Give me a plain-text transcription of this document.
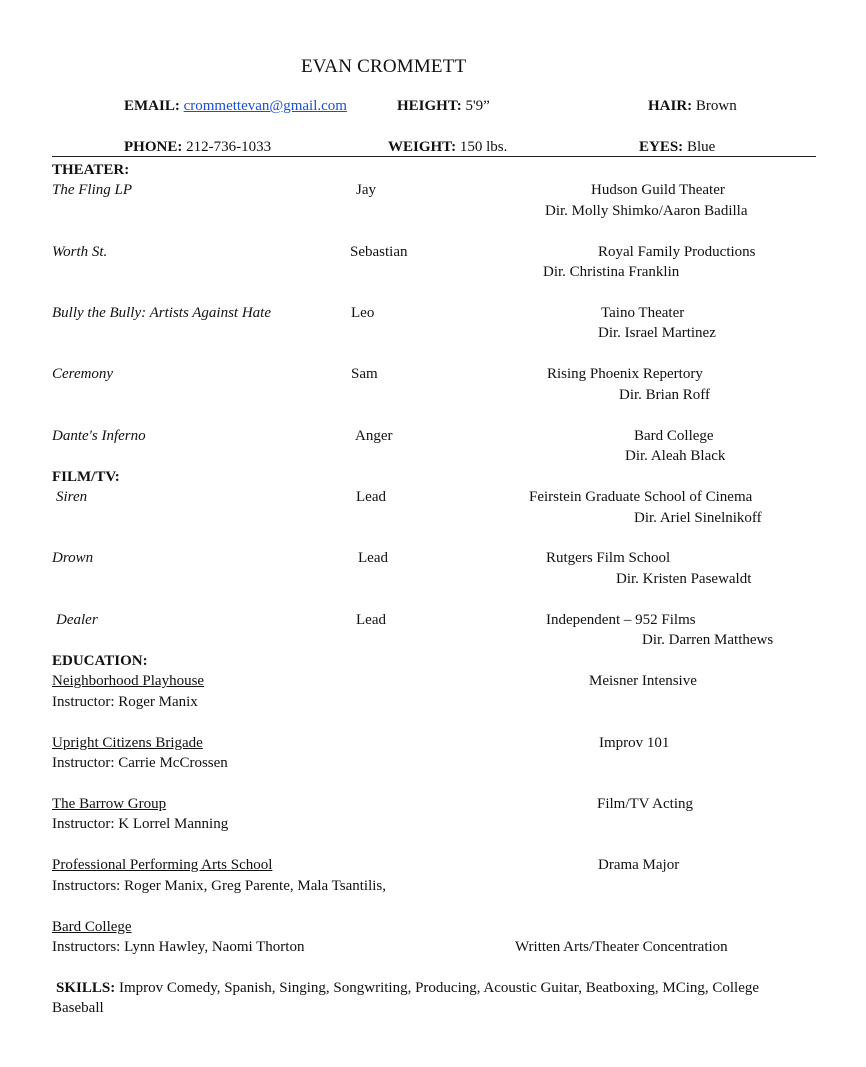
EVAN CROMMETT
EMAIL: crommettevan@gmail.com	HEIGHT: 5'9”	HAIR: Brown
PHONE: 212-736-1033	WEIGHT: 150 lbs.	EYES: Blue
THEATER:
The Fling LP	Jay	Hudson Guild Theater
Dir. Molly Shimko/Aaron Badilla
Worth St.	Sebastian	Royal Family Productions
Dir. Christina Franklin
Bully the Bully: Artists Against Hate	Leo	Taino Theater
Dir. Israel Martinez
Ceremony	Sam	Rising Phoenix Repertory
Dir. Brian Roff
Dante's Inferno	Anger	Bard College
Dir. Aleah Black
FILM/TV:
Siren	Lead	Feirstein Graduate School of Cinema
Dir. Ariel Sinelnikoff
Drown	Lead	Rutgers Film School
Dir. Kristen Pasewaldt
Dealer	Lead	Independent – 952 Films
Dir. Darren Matthews
EDUCATION:
Neighborhood Playhouse	Meisner Intensive
Instructor: Roger Manix
Upright Citizens Brigade	Improv 101
Instructor: Carrie McCrossen
The Barrow Group	Film/TV Acting
Instructor: K Lorrel Manning
Professional Performing Arts School	Drama Major
Instructors: Roger Manix, Greg Parente, Mala Tsantilis,
Bard College
Instructors: Lynn Hawley, Naomi Thorton	Written Arts/Theater Concentration
SKILLS: Improv Comedy, Spanish, Singing, Songwriting, Producing, Acoustic Guitar, Beatboxing, MCing, College
Baseball
